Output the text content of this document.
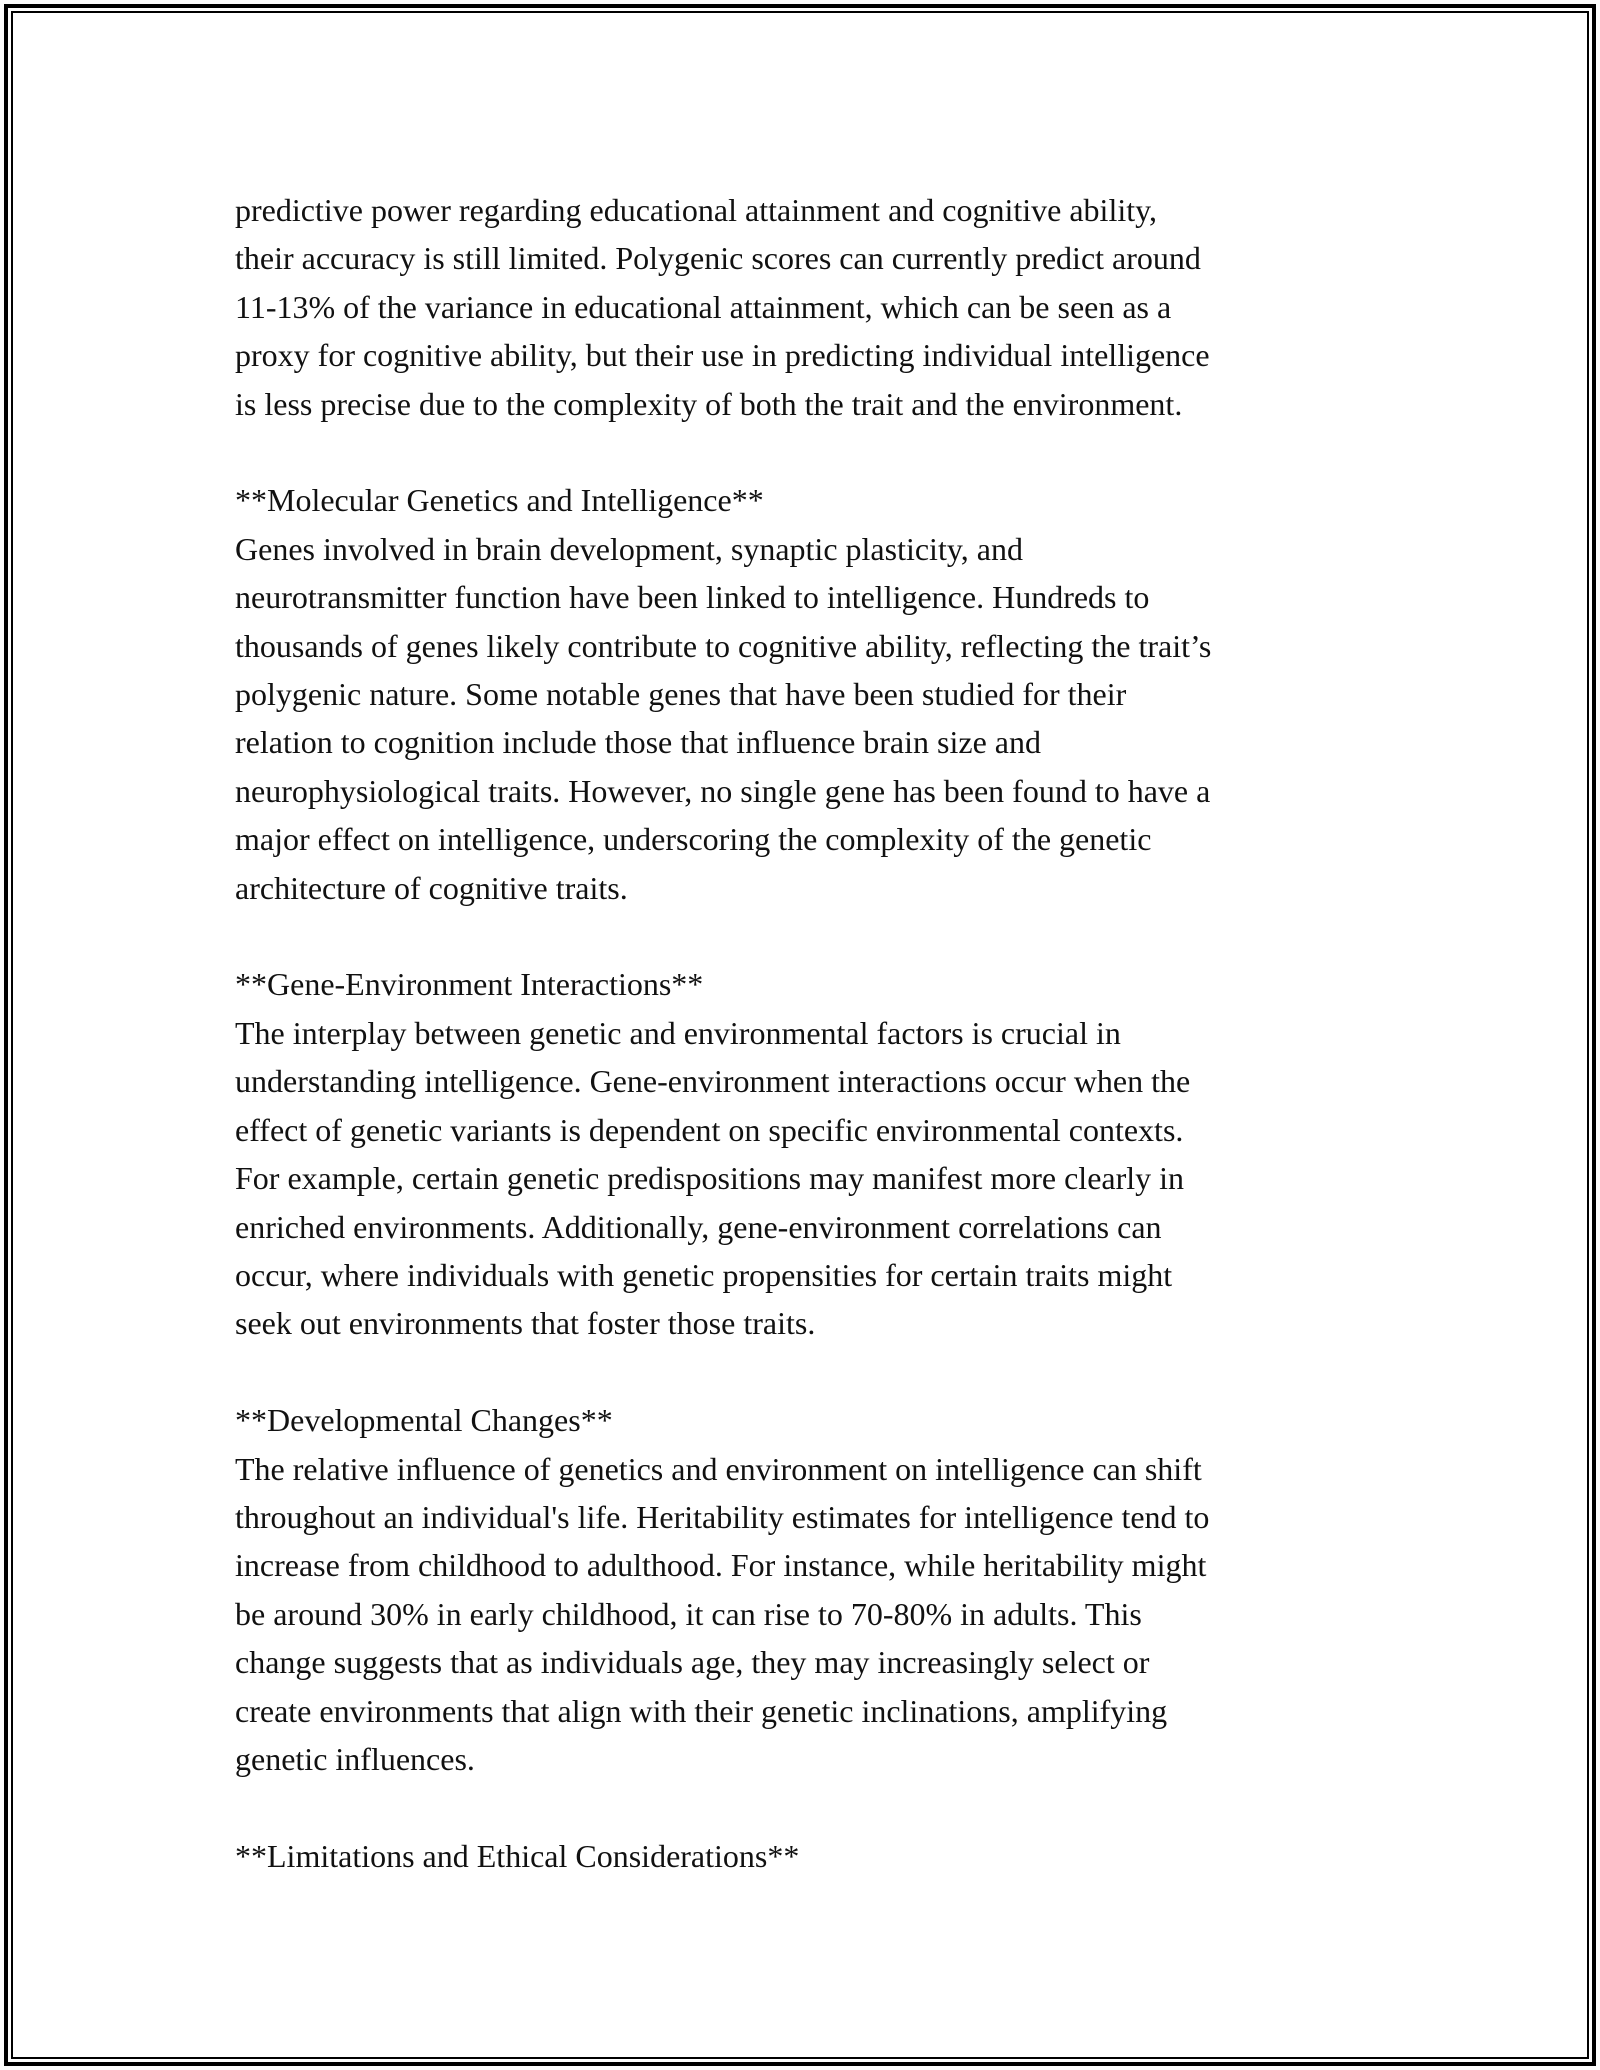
predictive power regarding educational attainment and cognitive ability,
their accuracy is still limited. Polygenic scores can currently predict around
11-13% of the variance in educational attainment, which can be seen as a
proxy for cognitive ability, but their use in predicting individual intelligence
is less precise due to the complexity of both the trait and the environment.

**Molecular Genetics and Intelligence**

Genes involved in brain development, synaptic plasticity, and
neurotransmitter function have been linked to intelligence. Hundreds to
thousands of genes likely contribute to cognitive ability, reflecting the trait’s
polygenic nature. Some notable genes that have been studied for their
relation to cognition include those that influence brain size and
neurophysiological traits. However, no single gene has been found to have a
major effect on intelligence, underscoring the complexity of the genetic
architecture of cognitive traits.

**Gene-Environment Interactions**

The interplay between genetic and environmental factors is crucial in
understanding intelligence. Gene-environment interactions occur when the
effect of genetic variants is dependent on specific environmental contexts.
For example, certain genetic predispositions may manifest more clearly in
enriched environments. Additionally, gene-environment correlations can
occur, where individuals with genetic propensities for certain traits might
seek out environments that foster those traits.

**Developmental Changes**

The relative influence of genetics and environment on intelligence can shift
throughout an individual's life. Heritability estimates for intelligence tend to
increase from childhood to adulthood. For instance, while heritability might
be around 30% in early childhood, it can rise to 70-80% in adults. This
change suggests that as individuals age, they may increasingly select or
create environments that align with their genetic inclinations, amplifying
genetic influences.

**Limitations and Ethical Considerations**
